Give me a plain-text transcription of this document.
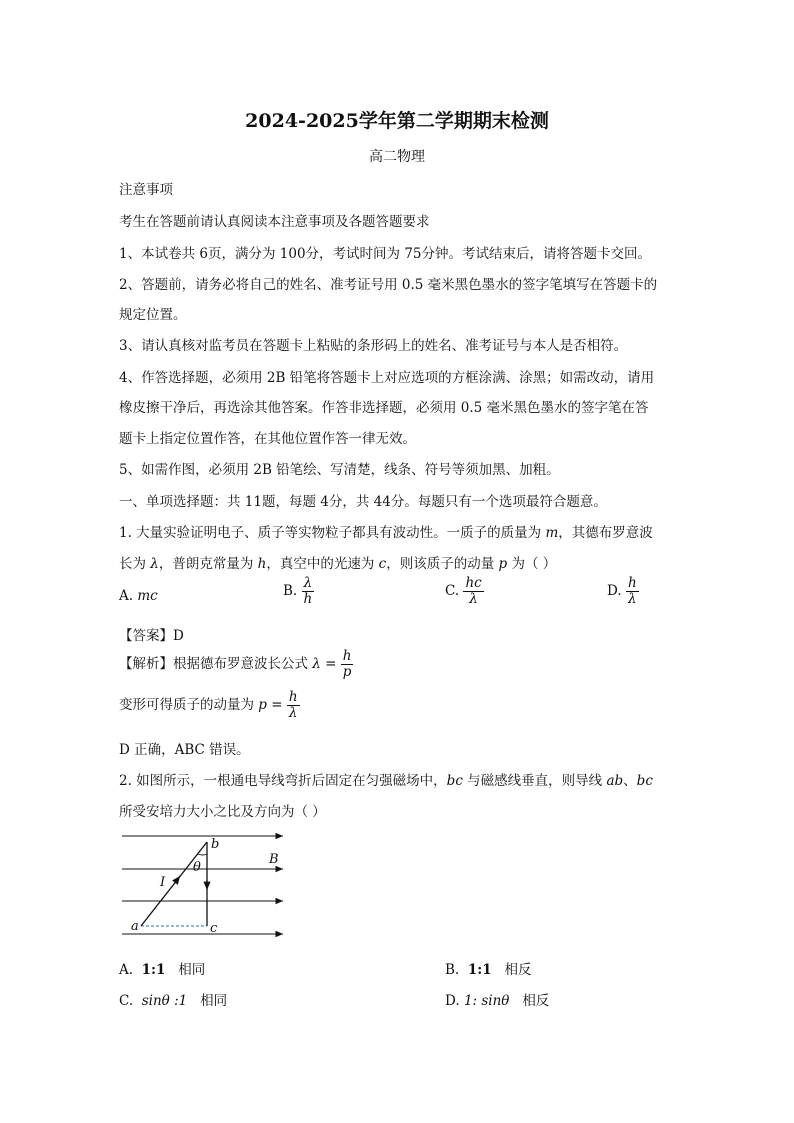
2024-2025学年第二学期期末检测
高二物理
注意事项
考生在答题前请认真阅读本注意事项及各题答题要求
1、本试卷共 6页，满分为 100分，考试时间为 75分钟。考试结束后，请将答题卡交回。
2、答题前，请务必将自己的姓名、准考证号用 0.5 毫米黑色墨水的签字笔填写在答题卡的
规定位置。
3、请认真核对监考员在答题卡上粘贴的条形码上的姓名、准考证号与本人是否相符。
4、作答选择题，必须用 2B 铅笔将答题卡上对应选项的方框涂满、涂黑；如需改动，请用
橡皮擦干净后，再选涂其他答案。作答非选择题，必须用 0.5 毫米黑色墨水的签字笔在答
题卡上指定位置作答，在其他位置作答一律无效。
5、如需作图，必须用 2B 铅笔绘、写清楚，线条、符号等须加黑、加粗。
一、单项选择题：共 11题，每题 4分，共 44分。每题只有一个选项最符合题意。
1. 大量实验证明电子、质子等实物粒子都具有波动性。一质子的质量为 m，其德布罗意波
长为 λ，普朗克常量为 h，真空中的光速为 c，则该质子的动量 p 为（ ）
A. mc	B. $\frac{\lambda}{h}$	C. $\frac{hc}{\lambda}$	D. $\frac{h}{\lambda}$
【答案】D
【解析】根据德布罗意波长公式 $\lambda = \frac{h}{p}$
变形可得质子的动量为 $p = \frac{h}{\lambda}$
D 正确，ABC 错误。
2. 如图所示，一根通电导线弯折后固定在匀强磁场中，bc 与磁感线垂直，则导线 ab、bc
所受安培力大小之比及方向为（ ）
b
B
θ
I
a	c
A.  1:1 相同	B.  1:1 相反
C.  sinθ :1 相同	D. 1: sinθ 相反
